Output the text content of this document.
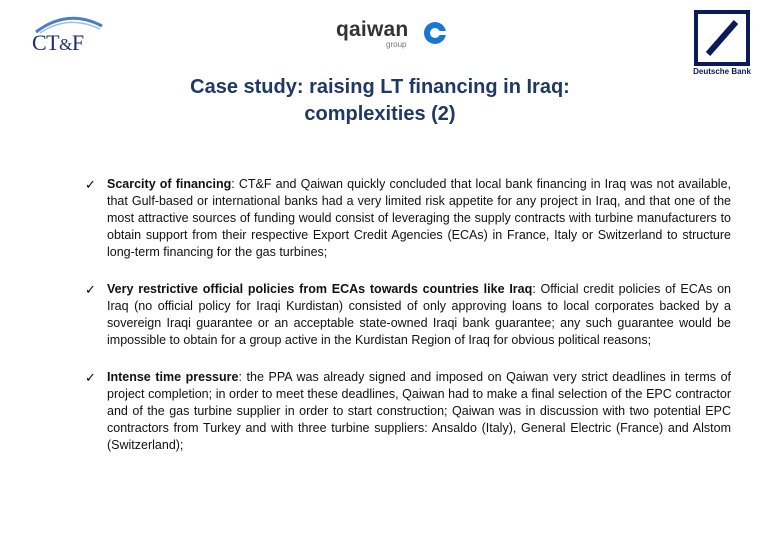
CT&F
qaiwan
group
Deutsche Bank
Case study: raising LT financing in Iraq:
complexities (2)
✓ Scarcity of financing: CT&F and Qaiwan quickly concluded that local bank financing in Iraq was not available, that Gulf-based or international banks had a very limited risk appetite for any project in Iraq, and that one of the most attractive sources of funding would consist of leveraging the supply contracts with turbine manufacturers to obtain support from their respective Export Credit Agencies (ECAs) in France, Italy or Switzerland to structure long-term financing for the gas turbines;
✓ Very restrictive official policies from ECAs towards countries like Iraq: Official credit policies of ECAs on Iraq (no official policy for Iraqi Kurdistan) consisted of only approving loans to local corporates backed by a sovereign Iraqi guarantee or an acceptable state-owned Iraqi bank guarantee; any such guarantee would be impossible to obtain for a group active in the Kurdistan Region of Iraq for obvious political reasons;
✓ Intense time pressure: the PPA was already signed and imposed on Qaiwan very strict deadlines in terms of project completion; in order to meet these deadlines, Qaiwan had to make a final selection of the EPC contractor and of the gas turbine supplier in order to start construction; Qaiwan was in discussion with two potential EPC contractors from Turkey and with three turbine suppliers: Ansaldo (Italy), General Electric (France) and Alstom (Switzerland);
